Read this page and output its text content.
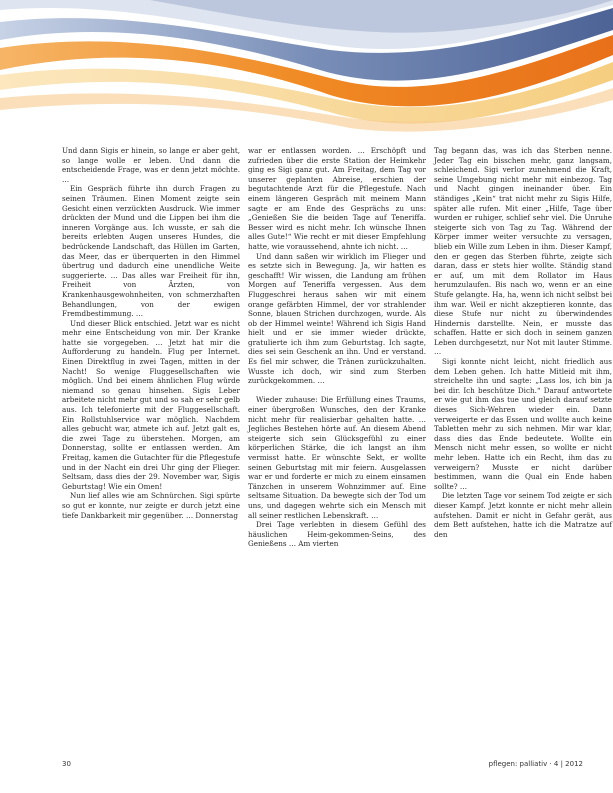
Und dann Sigis er hinein, so lange er aber geht, so lange wolle er leben. Und dann die entscheidende Frage, was er denn jetzt möchte. …

Ein Gespräch führte ihn durch Fragen zu seinen Träumen. Einen Moment zeigte sein Gesicht einen verzückten Ausdruck. Wie immer drückten der Mund und die Lippen bei ihm die inneren Vorgänge aus. Ich wusste, er sah die bereits erlebten Augen unseres Hundes, die bedrückende Landschaft, das Hüllen im Garten, das Meer, das er überquerten in den Himmel übertrug und dadurch eine unendliche Weite suggerierte. … Das alles war Freiheit für ihn, Freiheit von Ärzten, von Krankenhausgewohnheiten, von schmerzhaften Behandlungen, von der ewigen Fremdbestimmung. …

Und dieser Blick entschied. Jetzt war es nicht mehr eine Entscheidung von mir. Der Kranke hatte sie vorgegeben. … Jetzt hat mir die Aufforderung zu handeln. Flug per Internet. Einen Direktflug in zwei Tagen, mitten in der Nacht! So wenige Fluggesellschaften wie möglich. Und bei einem ähnlichen Flug würde niemand so genau hinsehen. Sigis Leber arbeitete nicht mehr gut und so sah er sehr gelb aus. Ich telefonierte mit der Fluggesellschaft. Ein Rollstuhlservice war möglich. Nachdem alles gebucht war, atmete ich auf. Jetzt galt es, die zwei Tage zu überstehen. Morgen, am Donnerstag, sollte er entlassen werden. Am Freitag, kamen die Gutachter für die Pflegestufe und in der Nacht ein drei Uhr ging der Flieger. Seltsam, dass dies der 29. November war, Sigis Geburtstag! Wie ein Omen!

Nun lief alles wie am Schnürchen. Sigi spürte so gut er konnte, nur zeigte er durch jetzt eine tiefe Dankbarkeit mir gegenüber. … Donnerstag

war er entlassen worden. … Erschöpft und zufrieden über die erste Station der Heimkehr ging es Sigi ganz gut. Am Freitag, dem Tag vor unserer geplanten Abreise, erschien der begutachtende Arzt für die Pflegestufe. Nach einem längeren Gespräch mit meinem Mann sagte er am Ende des Gesprächs zu uns: „Genießen Sie die beiden Tage auf Teneriffa. Besser wird es nicht mehr. Ich wünsche Ihnen alles Gute!“ Wie recht er mit dieser Empfehlung hatte, wie voraussehend, ahnte ich nicht. …

Und dann saßen wir wirklich im Flieger und es setzte sich in Bewegung. Ja, wir hatten es geschafft! Wir wissen, die Landung am frühen Morgen auf Teneriffa vergessen. Aus dem Fluggeschrei heraus sahen wir mit einem orange gefärbten Himmel, der vor strahlender Sonne, blauen Strichen durchzogen, wurde. Als ob der Himmel weinte! Während ich Sigis Hand hielt und er sie immer wieder drückte, gratulierte ich ihm zum Geburtstag. Ich sagte, dies sei sein Geschenk an ihn. Und er verstand. Es fiel mir schwer, die Tränen zurückzuhalten. Wusste ich doch, wir sind zum Sterben zurückgekommen. …

Wieder zuhause: Die Erfüllung eines Traums, einer übergroßen Wunsches, den der Kranke nicht mehr für realisierbar gehalten hatte. … Jegliches Bestehen hörte auf. An diesem Abend steigerte sich sein Glücksgefühl zu einer körperlichen Stärke, die ich langst an ihm vermisst hatte. Er wünschte Sekt, er wollte seinen Geburtstag mit mir feiern. Ausgelassen war er und forderte er mich zu einem einsamen Tänzchen in unserem Wohnzimmer auf. Eine seltsame Situation. Da bewegte sich der Tod um uns, und dagegen wehrte sich ein Mensch mit all seiner restlichen Lebenskraft. …

Drei Tage verlebten in diesem Gefühl des häuslichen Heim-gekommen-Seins, des Genießens … Am vierten

Tag begann das, was ich das Sterben nenne. Jeder Tag ein bisschen mehr, ganz langsam, schleichend. Sigi verlor zunehmend die Kraft, seine Umgebung nicht mehr mit einbezog. Tag und Nacht gingen ineinander über. Ein ständiges „Kein“ trat nicht mehr zu Sigis Hilfe, später alle rufen. Mit einer „Hilfe, Tage über wurden er ruhiger, schlief sehr viel. Die Unruhe steigerte sich von Tag zu Tag. Während der Körper immer weiter versuchte zu versagen, blieb ein Wille zum Leben in ihm. Dieser Kampf, den er gegen das Sterben führte, zeigte sich daran, dass er stets hier wollte. Ständig stand er auf, um mit dem Rollator im Haus herumzulaufen. Bis nach wo, wenn er an eine Stufe gelangte. Ha, ha, wenn ich nicht selbst bei ihm war. Weil er nicht akzeptieren konnte, das diese Stufe nur nicht zu überwindendes Hindernis darstellte. Nein, er musste das schaffen. Hatte er sich doch in seinem ganzen Leben durchgesetzt, nur Not mit lauter Stimme. …

Sigi konnte nicht leicht, nicht friedlich aus dem Leben gehen. Ich hatte Mitleid mit ihm, streichelte ihn und sagte: „Lass los, ich bin ja bei dir. Ich beschütze Dich.“ Darauf antwortete er wie gut ihm das tue und gleich darauf setzte dieses Sich-Wehren wieder ein. Dann verweigerte er das Essen und wollte auch keine Tabletten mehr zu sich nehmen. Mir war klar, dass dies das Ende bedeutete. Wollte ein Mensch nicht mehr essen, so wollte er nicht mehr leben. Hatte ich ein Recht, ihm das zu verweigern? Musste er nicht darüber bestimmen, wann die Qual ein Ende haben sollte? …

Die letzten Tage vor seinem Tod zeigte er sich dieser Kampf. Jetzt konnte er nicht mehr allein aufstehen. Damit er nicht in Gefahr gerät, aus dem Bett aufstehen, hatte ich die Matratze auf den

30	pflegen: palliativ · 4 | 2012
